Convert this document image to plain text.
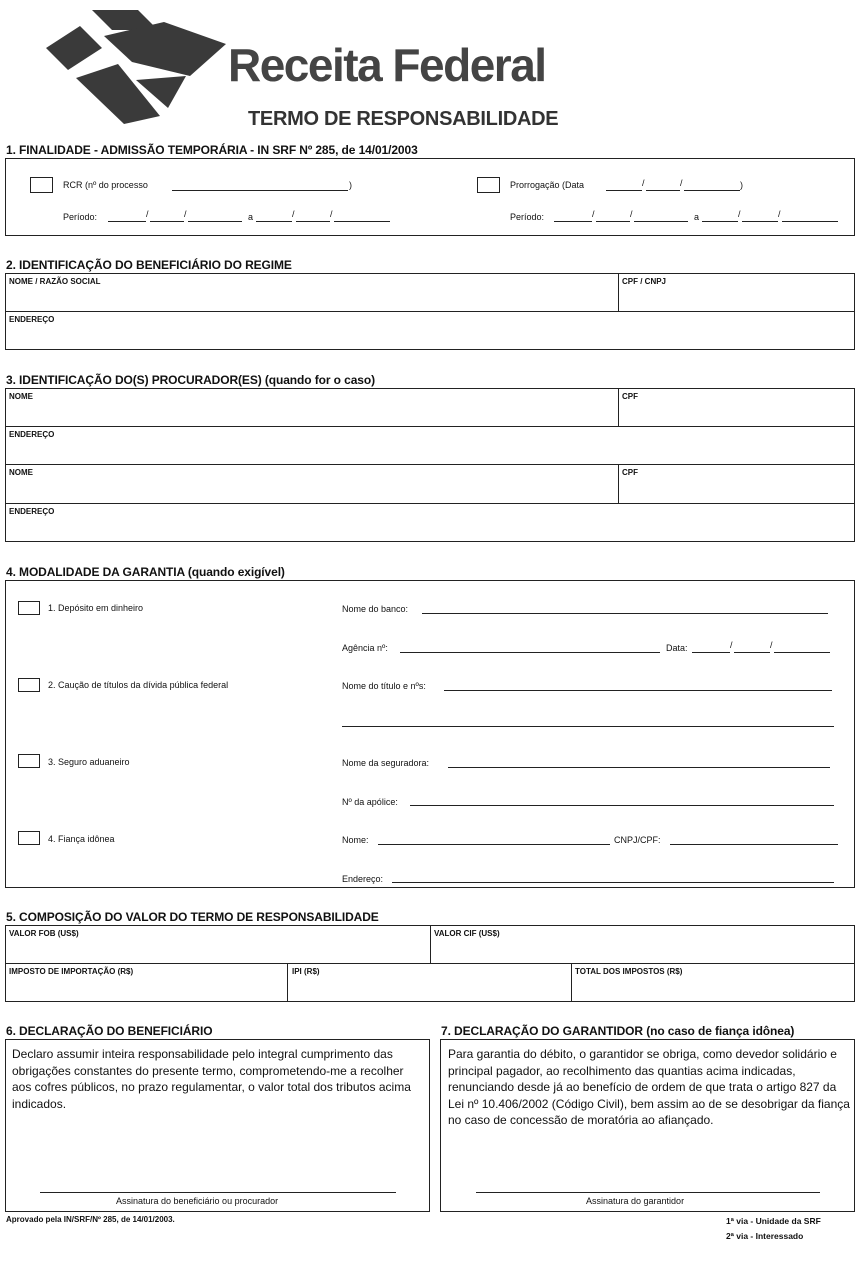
Receita Federal
TERMO DE RESPONSABILIDADE
1. FINALIDADE - ADMISSÃO TEMPORÁRIA - IN SRF Nº 285, de 14/01/2003
RCR (nº do processo	)	Prorrogação (Data	/	/	)
Período:	/	/	a	/	/	Período:	/	/	a	/	/
2. IDENTIFICAÇÃO DO BENEFICIÁRIO DO REGIME
NOME / RAZÃO SOCIAL	CPF / CNPJ
ENDEREÇO
3. IDENTIFICAÇÃO DO(S) PROCURADOR(ES) (quando for o caso)
NOME	CPF
ENDEREÇO
NOME	CPF
ENDEREÇO
4. MODALIDADE DA GARANTIA (quando exigível)
1. Depósito em dinheiro	Nome do banco:
Agência nº:	Data:	/	/
2. Caução de títulos da dívida pública federal	Nome do título e nºs:
3. Seguro aduaneiro	Nome da seguradora:
Nº da apólice:
4. Fiança idônea	Nome:	CNPJ/CPF:
Endereço:
5. COMPOSIÇÃO DO VALOR DO TERMO DE RESPONSABILIDADE
VALOR FOB (US$)	VALOR CIF (US$)
IMPOSTO DE IMPORTAÇÃO (R$)	IPI (R$)	TOTAL DOS IMPOSTOS (R$)
6. DECLARAÇÃO DO BENEFICIÁRIO
Declaro assumir inteira responsabilidade pelo integral cumprimento das obrigações constantes do presente termo, comprometendo-me a recolher aos cofres públicos, no prazo regulamentar, o valor total dos tributos acima indicados.
Assinatura do beneficiário ou procurador
7. DECLARAÇÃO DO GARANTIDOR (no caso de fiança idônea)
Para garantia do débito, o garantidor se obriga, como devedor solidário e principal pagador, ao recolhimento das quantias acima indicadas, renunciando desde já ao benefício de ordem de que trata o artigo 827 da Lei nº 10.406/2002 (Código Civil), bem assim ao de se desobrigar da fiança no caso de concessão de moratória ao afiançado.
Assinatura do garantidor
Aprovado pela IN/SRF/Nº 285, de 14/01/2003.	1ª via - Unidade da SRF
2ª via - Interessado
